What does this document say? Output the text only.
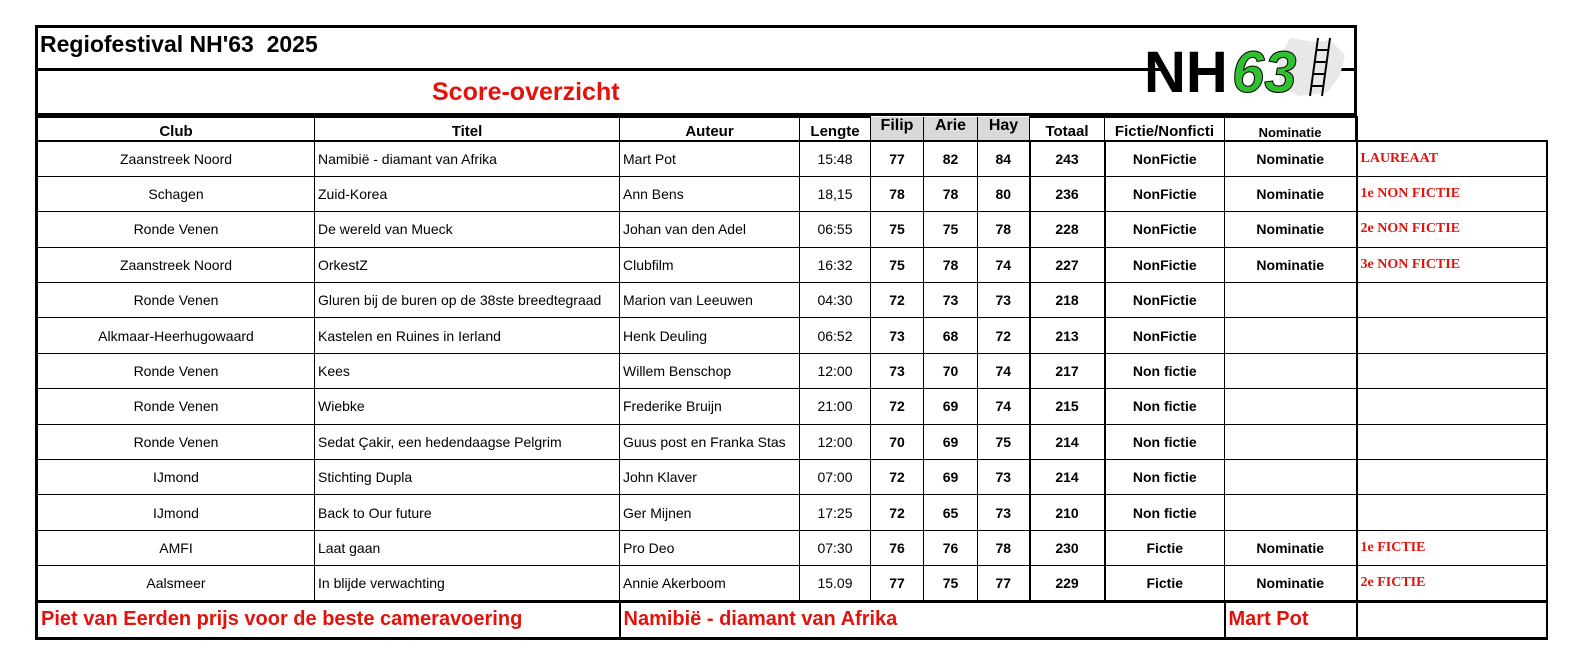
Regiofestival NH'63  2025
Score-overzicht	NH 63
Club	Titel	Auteur	Lengte	Filip	Arie	Hay	Totaal	Fictie/Nonficti	Nominatie	
Zaanstreek Noord	Namibië - diamant van Afrika	Mart Pot	15:48	77	82	84	243	NonFictie	Nominatie	LAUREAAT
Schagen	Zuid-Korea	Ann Bens	18,15	78	78	80	236	NonFictie	Nominatie	1e NON FICTIE
Ronde Venen	De wereld van Mueck	Johan van den Adel	06:55	75	75	78	228	NonFictie	Nominatie	2e NON FICTIE
Zaanstreek Noord	OrkestZ	Clubfilm	16:32	75	78	74	227	NonFictie	Nominatie	3e NON FICTIE
Ronde Venen	Gluren bij de buren op de 38ste breedtegraad	Marion van Leeuwen	04:30	72	73	73	218	NonFictie		
Alkmaar-Heerhugowaard	Kastelen en Ruines in Ierland	Henk Deuling	06:52	73	68	72	213	NonFictie		
Ronde Venen	Kees	Willem Benschop	12:00	73	70	74	217	Non fictie		
Ronde Venen	Wiebke	Frederike Bruijn	21:00	72	69	74	215	Non fictie		
Ronde Venen	Sedat Çakir, een hedendaagse Pelgrim	Guus post en Franka Stas	12:00	70	69	75	214	Non fictie		
IJmond	Stichting Dupla	John Klaver	07:00	72	69	73	214	Non fictie		
IJmond	Back to Our future	Ger Mijnen	17:25	72	65	73	210	Non fictie		
AMFI	Laat gaan	Pro Deo	07:30	76	76	78	230	Fictie	Nominatie	1e FICTIE
Aalsmeer	In blijde verwachting	Annie Akerboom	15.09	77	75	77	229	Fictie	Nominatie	2e FICTIE
Piet van Eerden prijs voor de beste cameravoering		Namibië - diamant van Afrika							Mart Pot	
